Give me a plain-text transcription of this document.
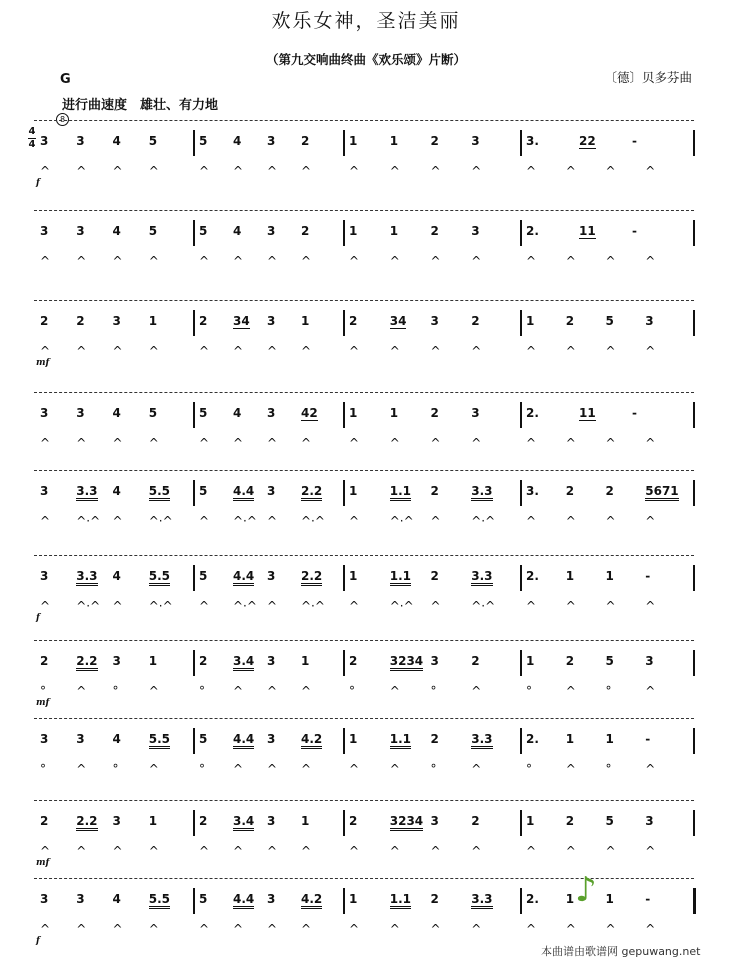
欢乐女神，圣洁美丽
（第九交响曲终曲《欢乐颂》片断）
G	〔德〕贝多芬曲
进行曲速度　雄壮、有力地
8
4
4 3 3 4 5	5 4 3 2	1	1	2	3	3.	22	-
^ ^ ^ ^	^ ^ ^ ^	^	^	^	^	^ ^ ^ ^
f
3 3 4 5	5 4 3 2	1	1	2	3	2.	11	-
^ ^ ^ ^	^ ^ ^ ^	^	^	^	^	^ ^ ^ ^
2 2 3 1	2 34 3 1	2	34 3	2	1	2	5	3
^ ^ ^ ^	^ ^ ^ ^	^	^	^	^	^ ^ ^ ^
mf
3 3 4 5	5 4 3 42	1	1	2	3	2.	11	-
^ ^ ^ ^	^ ^ ^ ^	^	^	^	^	^ ^ ^ ^
3 3.3 4 5.5 5 4.4 3 2.2 1	1.1 2	3.3	3. 2	2	5671
^ ^·^ ^ ^·^ ^ ^·^ ^ ^·^ ^	^·^ ^	^·^	^ ^ ^ ^
3 3.3 4 5.5 5 4.4 3 2.2 1	1.1 2	3.3	2. 1	1	-
^ ^·^ ^ ^·^ ^ ^·^ ^ ^·^ ^	^·^ ^	^·^	^ ^ ^ ^
f
2 2.2 3 1	2 3.4 3 1	2	3234 3	2	1	2	5	3
°	^ °	^	° ^ ^ ^	°	^	°	^	°	^ °	^
mf
3 3 4 5.5 5 4.4 3 4.2 1	1.1 2	3.3	2. 1	1	-
°	^ °	^	° ^ ^ ^	^	^	°	^	°	^ °	^
2 2.2 3 1	2 3.4 3 1	2	3234 3	2	1	2	5	3
^ ^ ^ ^	^ ^ ^ ^	^	^	^	^	^ ^ ^ ^
mf
3 3 4 5.5 5 4.4 3 4.2 1	1.1 2	3.3	2. 1	1	-
^ ^ ^ ^	^ ^ ^ ^	^	^	^	^	^ ^ ^ ^
f
♪
本曲谱由歌谱网 gepuwang.net
